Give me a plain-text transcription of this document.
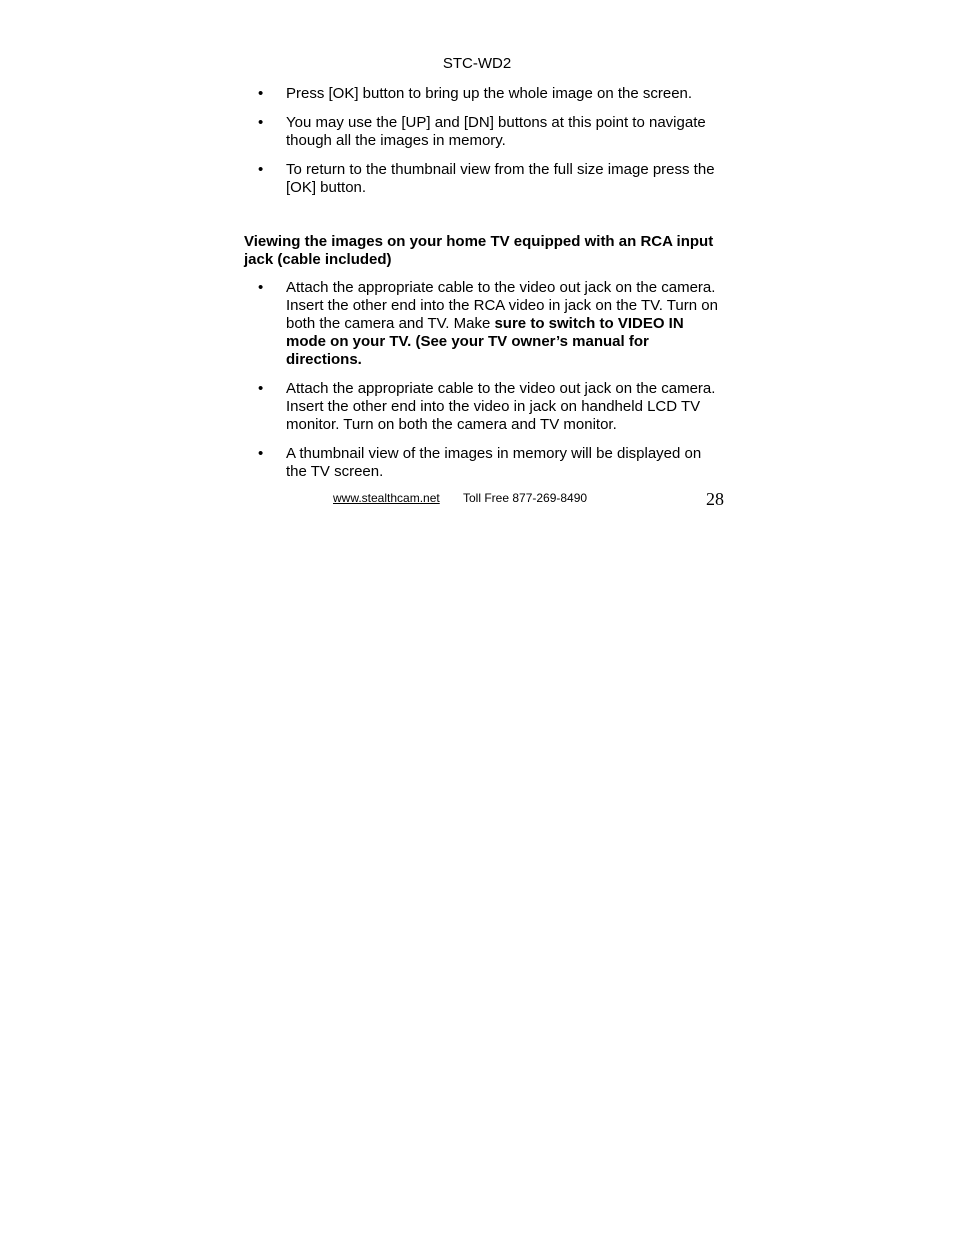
STC-WD2
• Press [OK] button to bring up the whole image on the screen.
• You may use the [UP] and [DN] buttons at this point to navigate though all the images in memory.
• To return to the thumbnail view from the full size image press the [OK] button.
Viewing the images on your home TV equipped with an RCA input jack (cable included)
• Attach the appropriate cable to the video out jack on the camera. Insert the other end into the RCA video in jack on the TV. Turn on both the camera and TV. Make sure to switch to VIDEO IN mode on your TV. (See your TV owner’s manual for directions.
• Attach the appropriate cable to the video out jack on the camera. Insert the other end into the video in jack on handheld LCD TV monitor. Turn on both the camera and TV monitor.
• A thumbnail view of the images in memory will be displayed on the TV screen.
www.stealthcam.net Toll Free 877-269-8490	28
